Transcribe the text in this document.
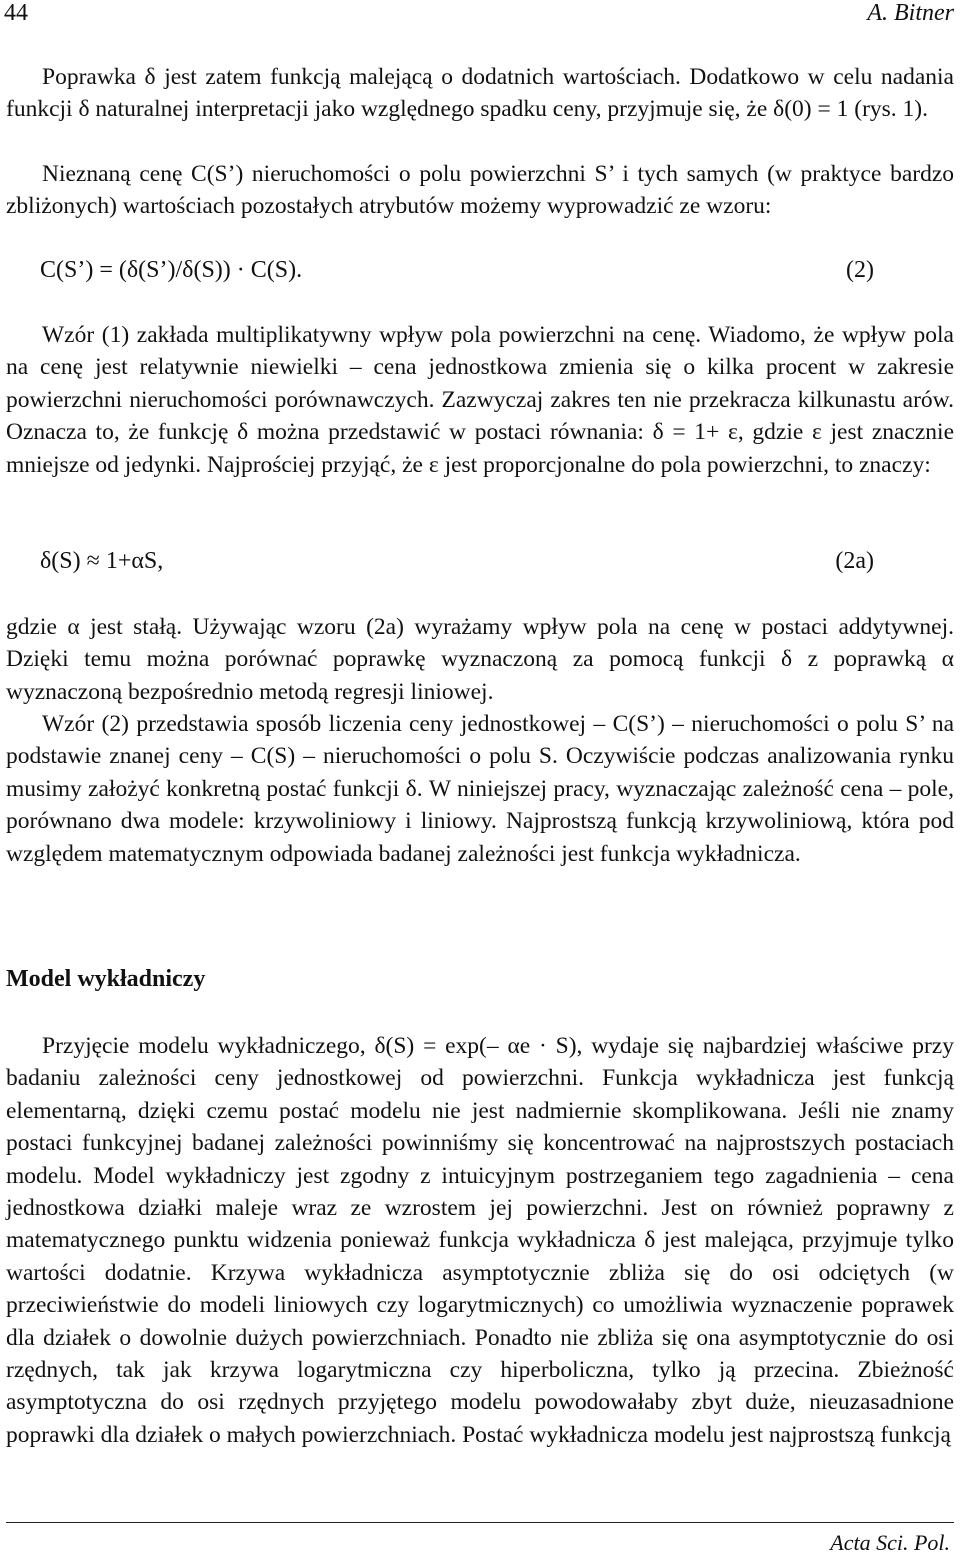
44	A. Bitner

Poprawka δ jest zatem funkcją malejącą o dodatnich wartościach. Dodatkowo w celu nadania funkcji δ naturalnej interpretacji jako względnego spadku ceny, przyjmuje się, że δ(0) = 1 (rys. 1).

Nieznaną cenę C(S’) nieruchomości o polu powierzchni S’ i tych samych (w praktyce bardzo zbliżonych) wartościach pozostałych atrybutów możemy wyprowadzić ze wzoru:

C(S’) = (δ(S’)/δ(S)) · C(S).	(2)

Wzór (1) zakłada multiplikatywny wpływ pola powierzchni na cenę. Wiadomo, że wpływ pola na cenę jest relatywnie niewielki – cena jednostkowa zmienia się o kilka procent w zakresie powierzchni nieruchomości porównawczych. Zazwyczaj zakres ten nie przekracza kilkunastu arów. Oznacza to, że funkcję δ można przedstawić w postaci równania: δ = 1+ ε, gdzie ε jest znacznie mniejsze od jedynki. Najprościej przyjąć, że ε jest proporcjonalne do pola powierzchni, to znaczy:

δ(S) ≈ 1+αS,	(2a)

gdzie α jest stałą. Używając wzoru (2a) wyrażamy wpływ pola na cenę w postaci addytywnej. Dzięki temu można porównać poprawkę wyznaczoną za pomocą funkcji δ z poprawką α wyznaczoną bezpośrednio metodą regresji liniowej.

Wzór (2) przedstawia sposób liczenia ceny jednostkowej – C(S’) – nieruchomości o polu S’ na podstawie znanej ceny – C(S) – nieruchomości o polu S. Oczywiście podczas analizowania rynku musimy założyć konkretną postać funkcji δ. W niniejszej pracy, wyznaczając zależność cena – pole, porównano dwa modele: krzywoliniowy i liniowy. Najprostszą funkcją krzywoliniową, która pod względem matematycznym odpowiada badanej zależności jest funkcja wykładnicza.

Model wykładniczy

Przyjęcie modelu wykładniczego, δ(S) = exp(– αe · S), wydaje się najbardziej właściwe przy badaniu zależności ceny jednostkowej od powierzchni. Funkcja wykładnicza jest funkcją elementarną, dzięki czemu postać modelu nie jest nadmiernie skomplikowana. Jeśli nie znamy postaci funkcyjnej badanej zależności powinniśmy się koncentrować na najprostszych postaciach modelu. Model wykładniczy jest zgodny z intuicyjnym postrzeganiem tego zagadnienia – cena jednostkowa działki maleje wraz ze wzrostem jej powierzchni. Jest on również poprawny z matematycznego punktu widzenia ponieważ funkcja wykładnicza δ jest malejąca, przyjmuje tylko wartości dodatnie. Krzywa wykładnicza asymptotycznie zbliża się do osi odciętych (w przeciwieństwie do modeli liniowych czy logarytmicznych) co umożliwia wyznaczenie poprawek dla działek o dowolnie dużych powierzchniach. Ponadto nie zbliża się ona asymptotycznie do osi rzędnych, tak jak krzywa logarytmiczna czy hiperboliczna, tylko ją przecina. Zbieżność asymptotyczna do osi rzędnych przyjętego modelu powodowałaby zbyt duże, nieuzasadnione poprawki dla działek o małych powierzchniach. Postać wykładnicza modelu jest najprostszą funkcją

Acta Sci. Pol.
